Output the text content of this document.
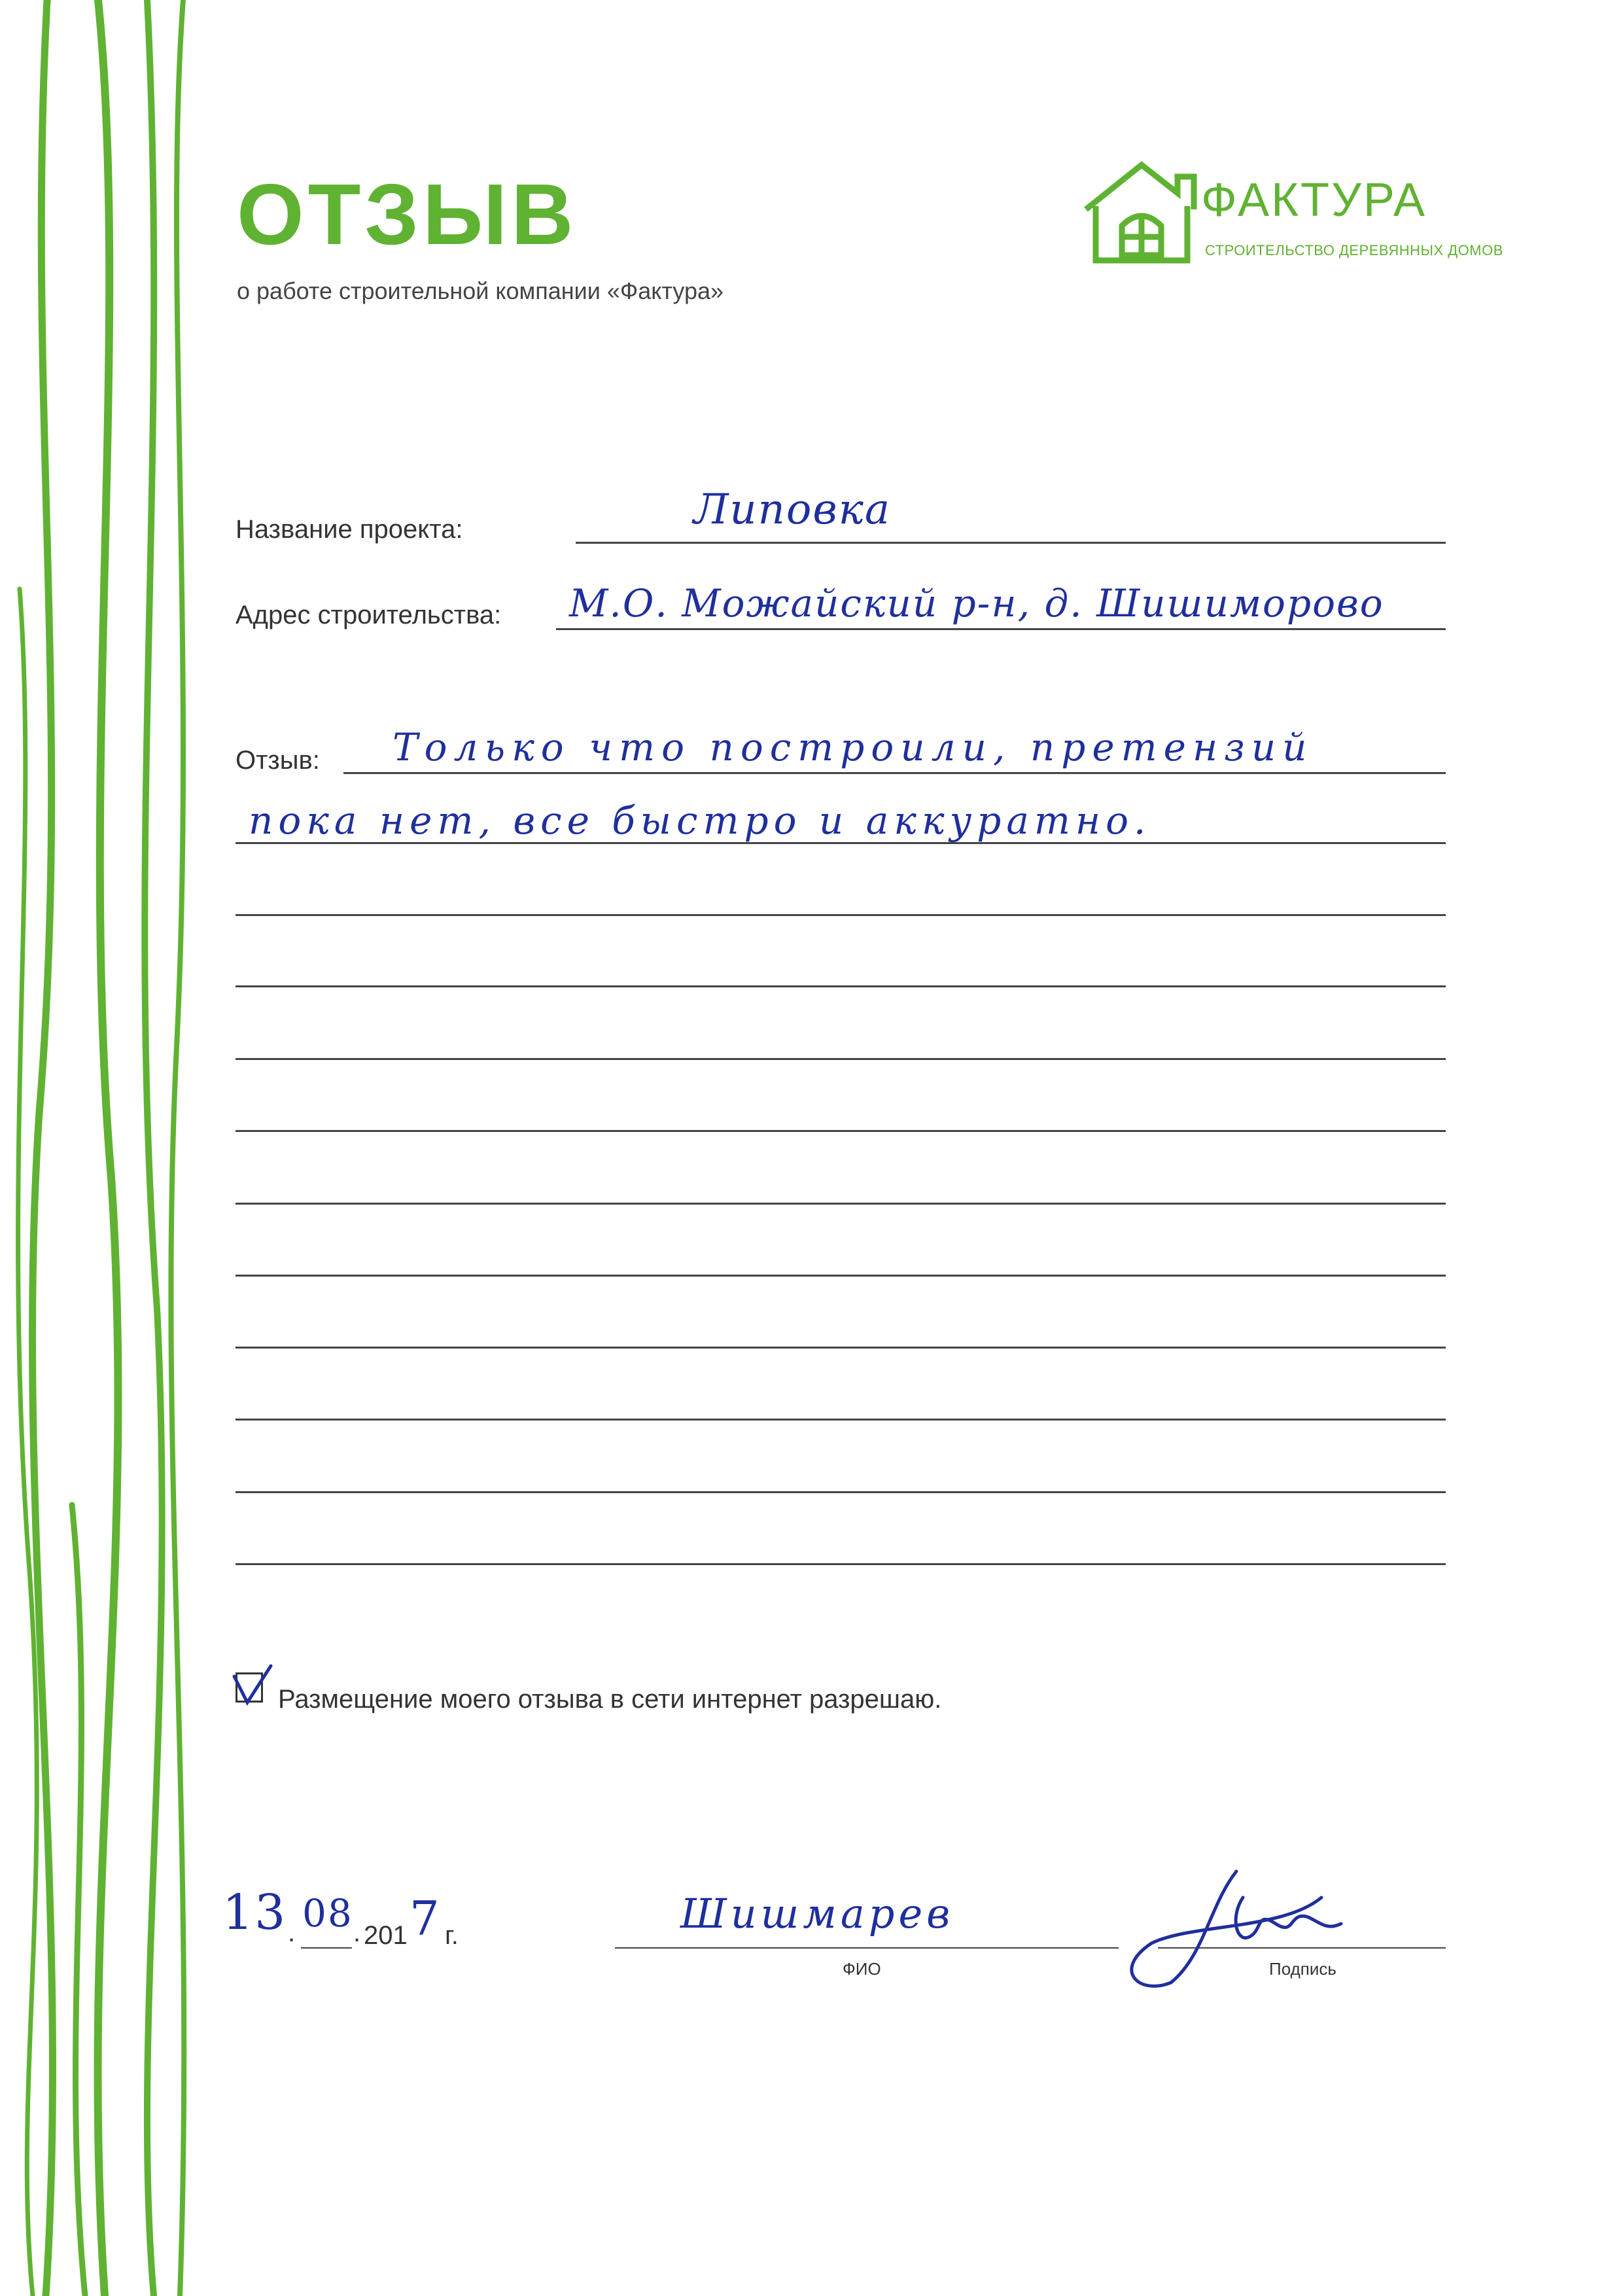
ОТЗЫВ
о работе строительной компании «Фактура»
ФАКТУРА
СТРОИТЕЛЬСТВО ДЕРЕВЯННЫХ ДОМОВ
Название проекта:	Липовка
Адрес строительства: М.О. Можайский р-н, д. Шишиморово
Отзыв: Только что построили, претензий
пока нет, все быстро и аккуратно.
Размещение моего отзыва в сети интернет разрешаю.
13 . 08 . 201 7 г.	Шишмарев
ФИО	Подпись
